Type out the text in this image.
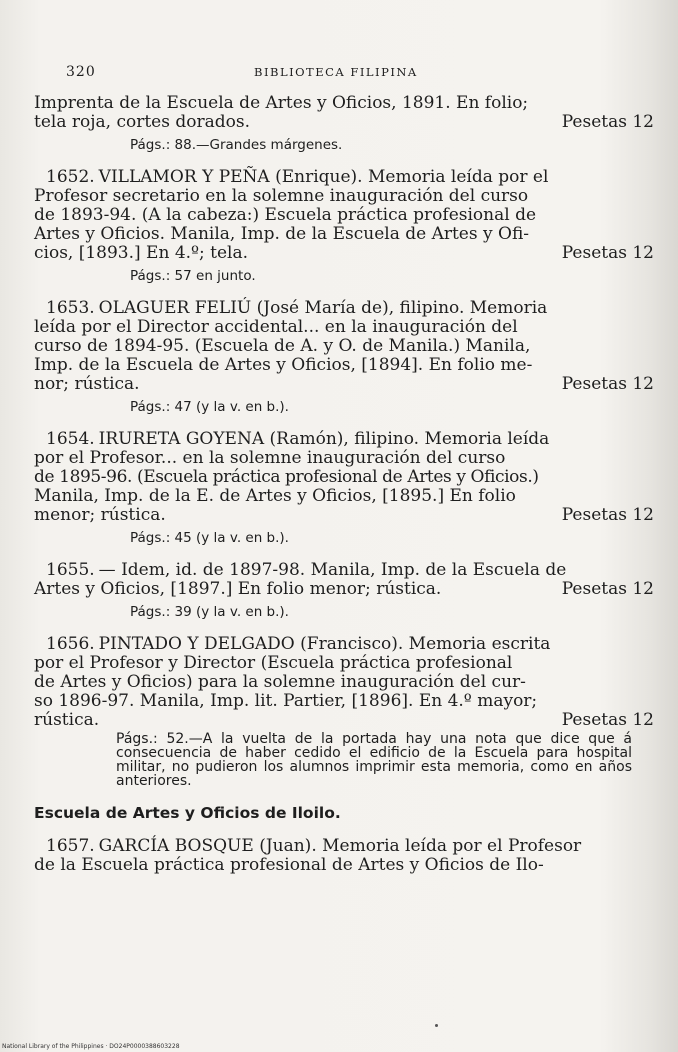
320	BIBLIOTECA FILIPINA

Imprenta de la Escuela de Artes y Oficios, 1891. En folio;

tela roja, cortes dorados.	Pesetas 12

Págs.: 88.—Grandes márgenes.

1652. VILLAMOR Y PEÑA (Enrique). Memoria leída por el

Profesor secretario en la solemne inauguración del curso

de 1893-94. (A la cabeza:) Escuela práctica profesional de

Artes y Oficios. Manila, Imp. de la Escuela de Artes y Ofi-

cios, [1893.] En 4.º; tela.	Pesetas 12

Págs.: 57 en junto.

1653. OLAGUER FELIÚ (José María de), filipino. Memoria

leída por el Director accidental... en la inauguración del

curso de 1894-95. (Escuela de A. y O. de Manila.) Manila,

Imp. de la Escuela de Artes y Oficios, [1894]. En folio me-

nor; rústica.	Pesetas 12

Págs.: 47 (y la v. en b.).

1654. IRURETA GOYENA (Ramón), filipino. Memoria leída

por el Profesor... en la solemne inauguración del curso

de 1895-96. (Escuela práctica profesional de Artes y Oficios.)

Manila, Imp. de la E. de Artes y Oficios, [1895.] En folio

menor; rústica.	Pesetas 12

Págs.: 45 (y la v. en b.).

1655. — Idem, id. de 1897-98. Manila, Imp. de la Escuela de

Artes y Oficios, [1897.] En folio menor; rústica.	Pesetas 12

Págs.: 39 (y la v. en b.).

1656. PINTADO Y DELGADO (Francisco). Memoria escrita

por el Profesor y Director (Escuela práctica profesional

de Artes y Oficios) para la solemne inauguración del cur-

so 1896-97. Manila, Imp. lit. Partier, [1896]. En 4.º mayor;

rústica.	Pesetas 12

Págs.: 52.—A la vuelta de la portada hay una nota que dice que á consecuencia de haber cedido el edificio de la Escuela para hospital militar, no pudieron los alumnos imprimir esta memoria, como en años anteriores.
Escuela de Artes y Oficios de Iloilo.

1657. GARCÍA BOSQUE (Juan). Memoria leída por el Profesor

de la Escuela práctica profesional de Artes y Oficios de Ilo-

National Library of the Philippines · DO24P0000388603228
